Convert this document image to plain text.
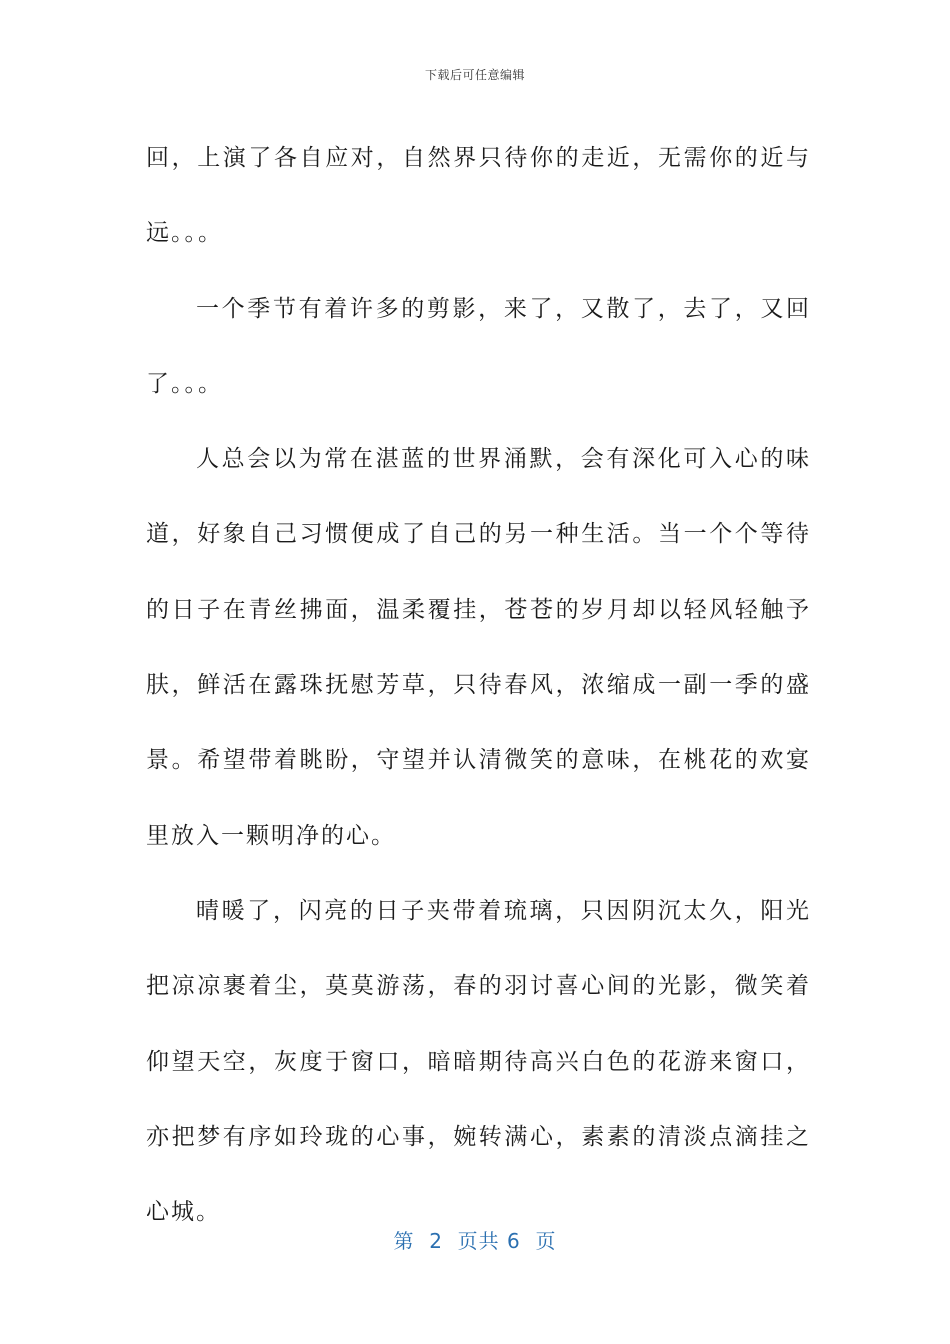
下载后可任意编辑

回，上演了各自应对，自然界只待你的走近，无需你的近与远。。。

一个季节有着许多的剪影，来了，又散了，去了，又回了。。。

人总会以为常在湛蓝的世界涌默，会有深化可入心的味道，好象自己习惯便成了自己的另一种生活。当一个个等待的日子在青丝拂面，温柔覆挂，苍苍的岁月却以轻风轻触予肤，鲜活在露珠抚慰芳草，只待春风，浓缩成一副一季的盛景。希望带着眺盼，守望并认清微笑的意味，在桃花的欢宴里放入一颗明净的心。

晴暖了，闪亮的日子夹带着琉璃，只因阴沉太久，阳光把凉凉裹着尘，莫莫游荡，春的羽讨喜心间的光影，微笑着仰望天空，灰度于窗口，暗暗期待高兴白色的花游来窗口，亦把梦有序如玲珑的心事，婉转满心，素素的清淡点滴挂之心城。

第  2  页共 6  页
